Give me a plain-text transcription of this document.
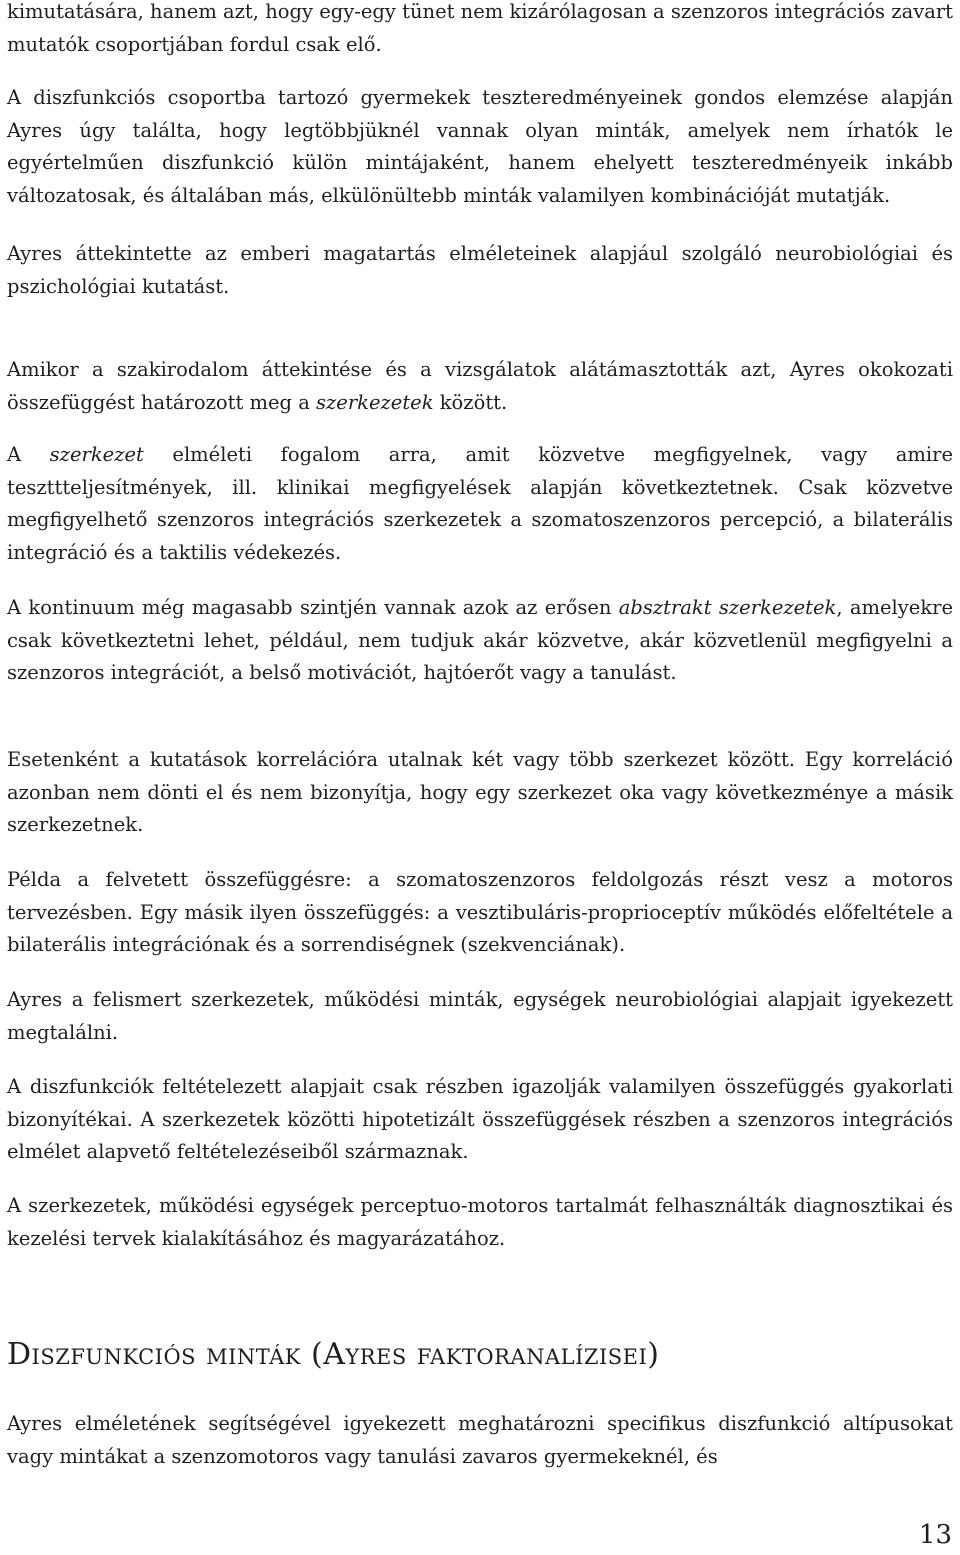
kimutatására, hanem azt, hogy egy-egy tünet nem kizárólagosan a szenzoros integrációs zavart mutatók csoportjában fordul csak elő.

A diszfunkciós csoportba tartozó gyermekek teszteredményeinek gondos elemzése alapján Ayres úgy találta, hogy legtöbbjüknél vannak olyan minták, amelyek nem írhatók le egyértelműen diszfunkció külön mintájaként, hanem ehelyett teszteredményeik inkább változatosak, és általában más, elkülönültebb minták valamilyen kombinációját mutatják.

Ayres áttekintette az emberi magatartás elméleteinek alapjául szolgáló neurobiológiai és pszichológiai kutatást.

Amikor a szakirodalom áttekintése és a vizsgálatok alátámasztották azt, Ayres okokozati összefüggést határozott meg a szerkezetek között.

A szerkezet elméleti fogalom arra, amit közvetve megfigyelnek, vagy amire teszttteljesítmények, ill. klinikai megfigyelések alapján következtetnek. Csak közvetve megfigyelhető szenzoros integrációs szerkezetek a szomatoszenzoros percepció, a bilaterális integráció és a taktilis védekezés.

A kontinuum még magasabb szintjén vannak azok az erősen absztrakt szerkezetek, amelyekre csak következtetni lehet, például, nem tudjuk akár közvetve, akár közvetlenül megfigyelni a szenzoros integrációt, a belső motivációt, hajtóerőt vagy a tanulást.

Esetenként a kutatások korrelációra utalnak két vagy több szerkezet között. Egy korreláció azonban nem dönti el és nem bizonyítja, hogy egy szerkezet oka vagy következménye a másik szerkezetnek.

Példa a felvetett összefüggésre: a szomatoszenzoros feldolgozás részt vesz a motoros tervezésben. Egy másik ilyen összefüggés: a vesztibuláris-proprioceptív működés előfeltétele a bilaterális integrációnak és a sorrendiségnek (szekvenciának).

Ayres a felismert szerkezetek, működési minták, egységek neurobiológiai alapjait igyekezett megtalálni.

A diszfunkciók feltételezett alapjait csak részben igazolják valamilyen összefüggés gyakorlati bizonyítékai. A szerkezetek közötti hipotetizált összefüggések részben a szenzoros integrációs elmélet alapvető feltételezéseiből származnak.

A szerkezetek, működési egységek perceptuo-motoros tartalmát felhasználták diagnosztikai és kezelési tervek kialakításához és magyarázatához.

Diszfunkciós minták (Ayres faktoranalízisei)

Ayres elméletének segítségével igyekezett meghatározni specifikus diszfunkció altípusokat vagy mintákat a szenzomotoros vagy tanulási zavaros gyermekeknél, és

13
